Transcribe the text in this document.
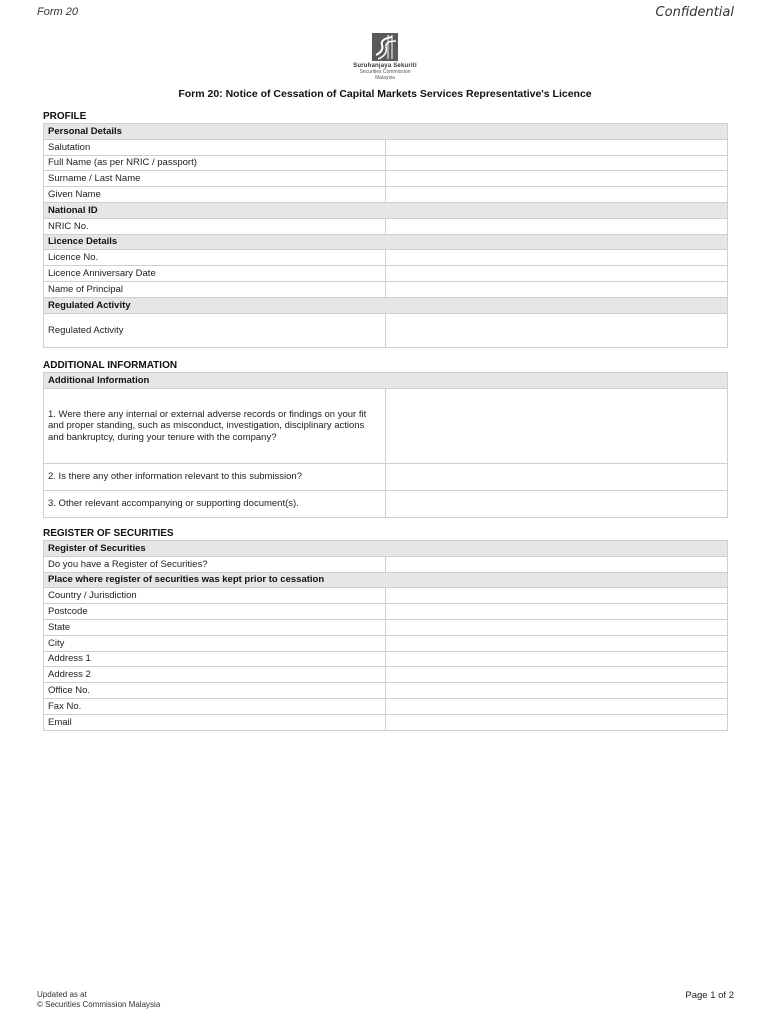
Form 20	Confidential
Suruhanjaya Sekuriti
Securities Commission
Malaysia
Form 20: Notice of Cessation of Capital Markets Services Representative's Licence
PROFILE
Personal Details	
Salutation	
Full Name (as per NRIC / passport)	
Surname / Last Name	
Given Name	
National ID	
NRIC No.	
Licence Details	
Licence No.	
Licence Anniversary Date	
Name of Principal	
Regulated Activity	
Regulated Activity	
ADDITIONAL INFORMATION
Additional Information	
1. Were there any internal or external adverse records or findings on your fit and proper standing, such as misconduct, investigation, disciplinary actions and bankruptcy, during your tenure with the company?	
2. Is there any other information relevant to this submission?	
3. Other relevant accompanying or supporting document(s).	
REGISTER OF SECURITIES
Register of Securities	
Do you have a Register of Securities?	
Place where register of securities was kept prior to cessation	
Country / Jurisdiction	
Postcode	
State	
City	
Address 1	
Address 2	
Office No.	
Fax No.	
Email	
Updated as at
© Securities Commission Malaysia
Page 1 of 2
